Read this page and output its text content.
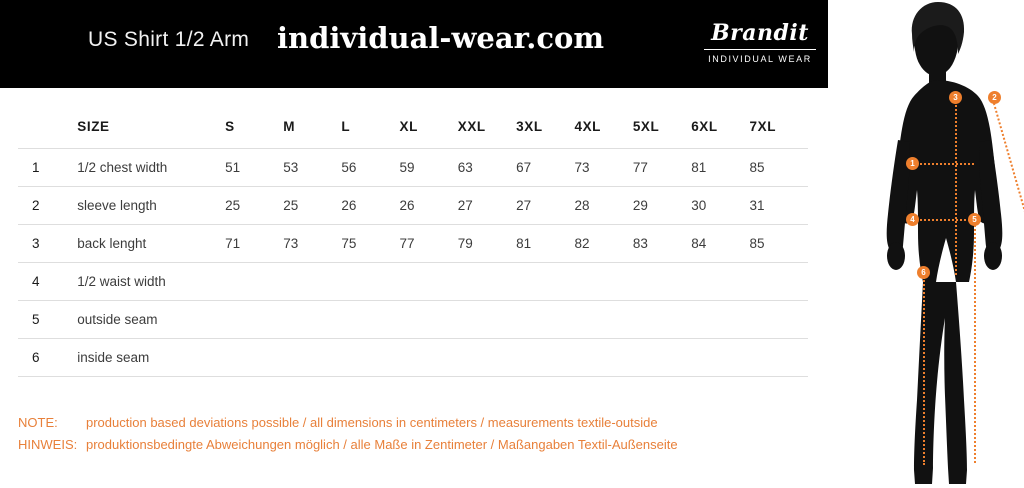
US Shirt 1/2 Arm individual-wear.com	Brandit
INDIVIDUAL WEAR
	SIZE	S	M	L	XL	XXL	3XL	4XL	5XL	6XL	7XL
1	1/2 chest width	51	53	56	59	63	67	73	77	81	85
2	sleeve length	25	25	26	26	27	27	28	29	30	31
3	back lenght	71	73	75	77	79	81	82	83	84	85
4	1/2 waist width										
5	outside seam										
6	inside seam										
NOTE: production based deviations possible / all dimensions in centimeters / measurements textile-outside
HINWEIS: produktionsbedingte Abweichungen möglich / alle Maße in Zentimeter / Maßangaben Textil-Außenseite
1
2
3
4	5
6
